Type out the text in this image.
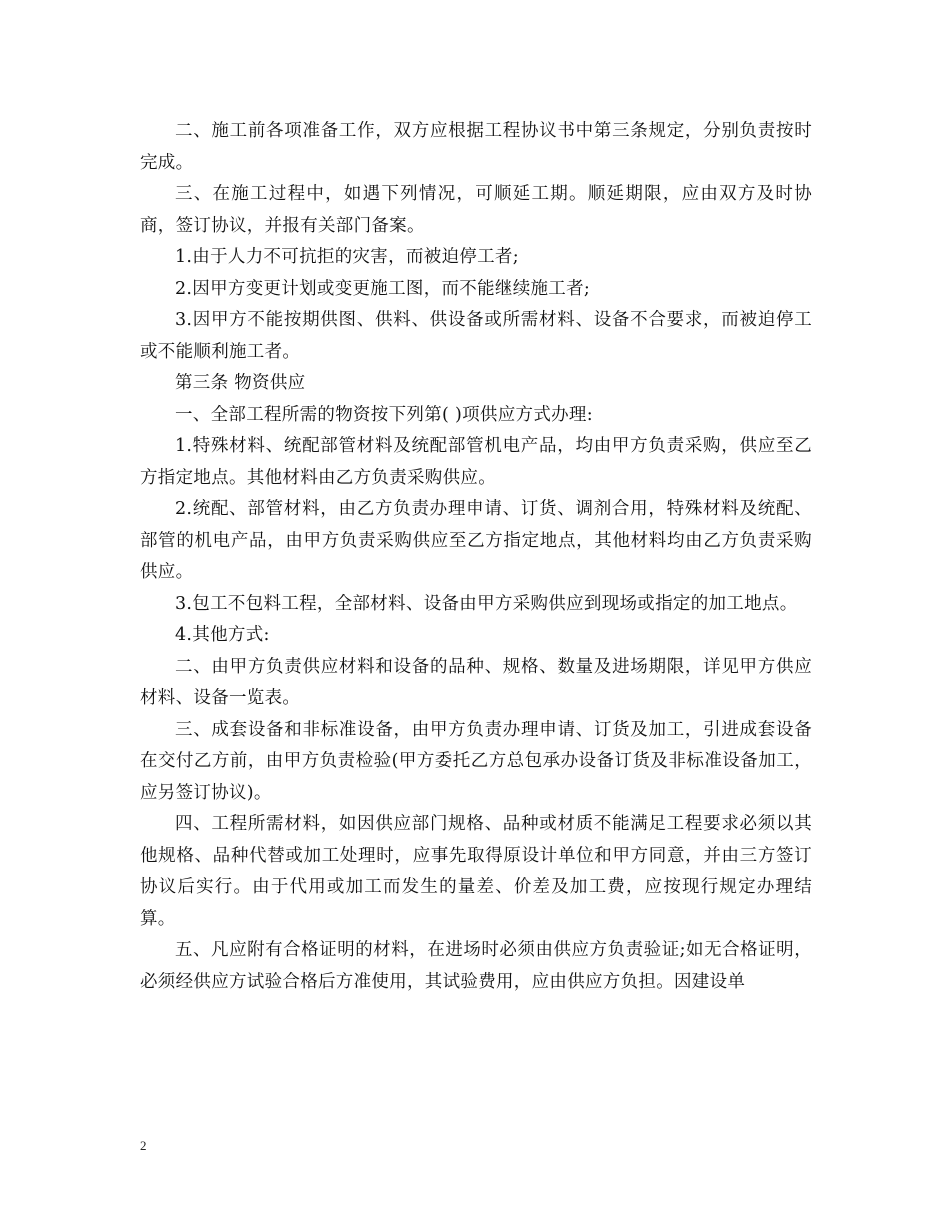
二、施工前各项准备工作，双方应根据工程协议书中第三条规定，分别负责按时完成。

三、在施工过程中，如遇下列情况，可顺延工期。顺延期限，应由双方及时协商，签订协议，并报有关部门备案。

1.由于人力不可抗拒的灾害，而被迫停工者;

2.因甲方变更计划或变更施工图，而不能继续施工者;

3.因甲方不能按期供图、供料、供设备或所需材料、设备不合要求，而被迫停工或不能顺利施工者。

第三条 物资供应

一、全部工程所需的物资按下列第( )项供应方式办理:

1.特殊材料、统配部管材料及统配部管机电产品，均由甲方负责采购，供应至乙方指定地点。其他材料由乙方负责采购供应。

2.统配、部管材料，由乙方负责办理申请、订货、调剂合用，特殊材料及统配、部管的机电产品，由甲方负责采购供应至乙方指定地点，其他材料均由乙方负责采购供应。

3.包工不包料工程，全部材料、设备由甲方采购供应到现场或指定的加工地点。

4.其他方式:

二、由甲方负责供应材料和设备的品种、规格、数量及进场期限，详见甲方供应材料、设备一览表。

三、成套设备和非标准设备，由甲方负责办理申请、订货及加工，引进成套设备在交付乙方前，由甲方负责检验(甲方委托乙方总包承办设备订货及非标准设备加工，应另签订协议)。

四、工程所需材料，如因供应部门规格、品种或材质不能满足工程要求必须以其他规格、品种代替或加工处理时，应事先取得原设计单位和甲方同意，并由三方签订协议后实行。由于代用或加工而发生的量差、价差及加工费，应按现行规定办理结算。

五、凡应附有合格证明的材料，在进场时必须由供应方负责验证;如无合格证明，必须经供应方试验合格后方准使用，其试验费用，应由供应方负担。因建设单

2
